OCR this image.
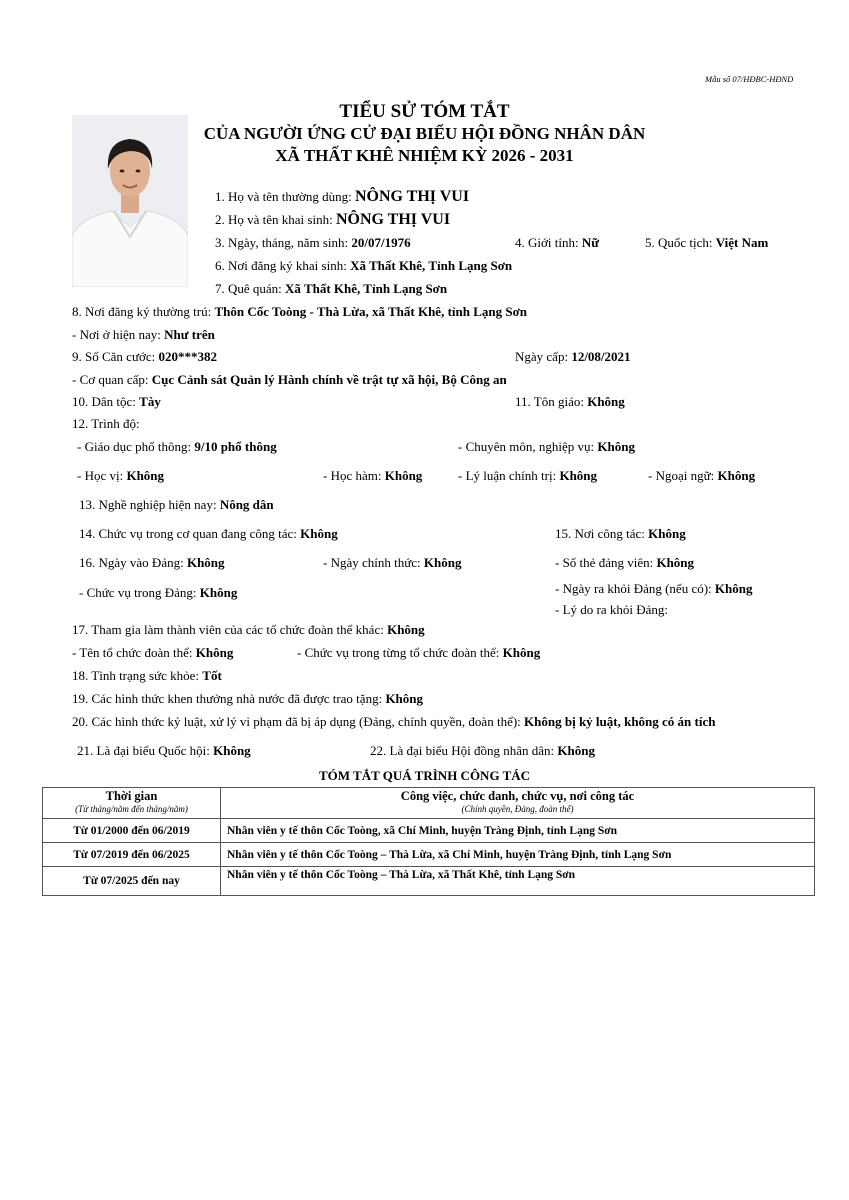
Mẫu số 07/HĐBC-HĐND
TIỂU SỬ TÓM TẮT
CỦA NGƯỜI ỨNG CỬ ĐẠI BIỂU HỘI ĐỒNG NHÂN DÂN
XÃ THẤT KHÊ NHIỆM KỲ 2026 - 2031
1. Họ và tên thường dùng: NÔNG THỊ VUI
2. Họ và tên khai sinh: NÔNG THỊ VUI
3. Ngày, tháng, năm sinh: 20/07/1976	4. Giới tính: Nữ	5. Quốc tịch: Việt Nam
6. Nơi đăng ký khai sinh: Xã Thất Khê, Tỉnh Lạng Sơn
7. Quê quán: Xã Thất Khê, Tỉnh Lạng Sơn
8. Nơi đăng ký thường trú: Thôn Cốc Toòng - Thà Lừa, xã Thất Khê, tỉnh Lạng Sơn
- Nơi ở hiện nay: Như trên
9. Số Căn cước: 020***382	Ngày cấp: 12/08/2021
- Cơ quan cấp: Cục Cảnh sát Quản lý Hành chính về trật tự xã hội, Bộ Công an
10. Dân tộc: Tày	11. Tôn giáo: Không
12. Trình độ:
- Giáo dục phổ thông: 9/10 phổ thông	- Chuyên môn, nghiệp vụ: Không
- Học vị: Không	- Học hàm: Không	- Lý luận chính trị: Không	- Ngoại ngữ: Không
13. Nghề nghiệp hiện nay: Nông dân
14. Chức vụ trong cơ quan đang công tác: Không	15. Nơi công tác: Không
16. Ngày vào Đảng: Không	- Ngày chính thức: Không	- Số thẻ đảng viên: Không
- Ngày ra khỏi Đảng (nếu có): Không
- Chức vụ trong Đảng: Không
- Lý do ra khỏi Đảng:
17. Tham gia làm thành viên của các tổ chức đoàn thể khác: Không
- Tên tổ chức đoàn thể: Không	- Chức vụ trong từng tổ chức đoàn thể: Không
18. Tình trạng sức khỏe: Tốt
19. Các hình thức khen thưởng nhà nước đã được trao tặng: Không
20. Các hình thức kỷ luật, xử lý vi phạm đã bị áp dụng (Đảng, chính quyền, đoàn thể): Không bị kỷ luật, không có án tích
21. Là đại biểu Quốc hội: Không	22. Là đại biểu Hội đồng nhân dân: Không
TÓM TẮT QUÁ TRÌNH CÔNG TÁC
Thời gian
(Từ tháng/năm đến tháng/năm)	Công việc, chức danh, chức vụ, nơi công tác
(Chính quyền, Đảng, đoàn thể)

Từ 01/2000 đến 06/2019	Nhân viên y tế thôn Cốc Toòng, xã Chí Minh, huyện Tràng Định, tỉnh Lạng Sơn
Từ 07/2019 đến 06/2025	Nhân viên y tế thôn Cốc Toòng – Thà Lừa, xã Chí Minh, huyện Tràng Định, tỉnh Lạng Sơn
Từ 07/2025 đến nay	Nhân viên y tế thôn Cốc Toòng – Thà Lừa, xã Thất Khê, tỉnh Lạng Sơn
